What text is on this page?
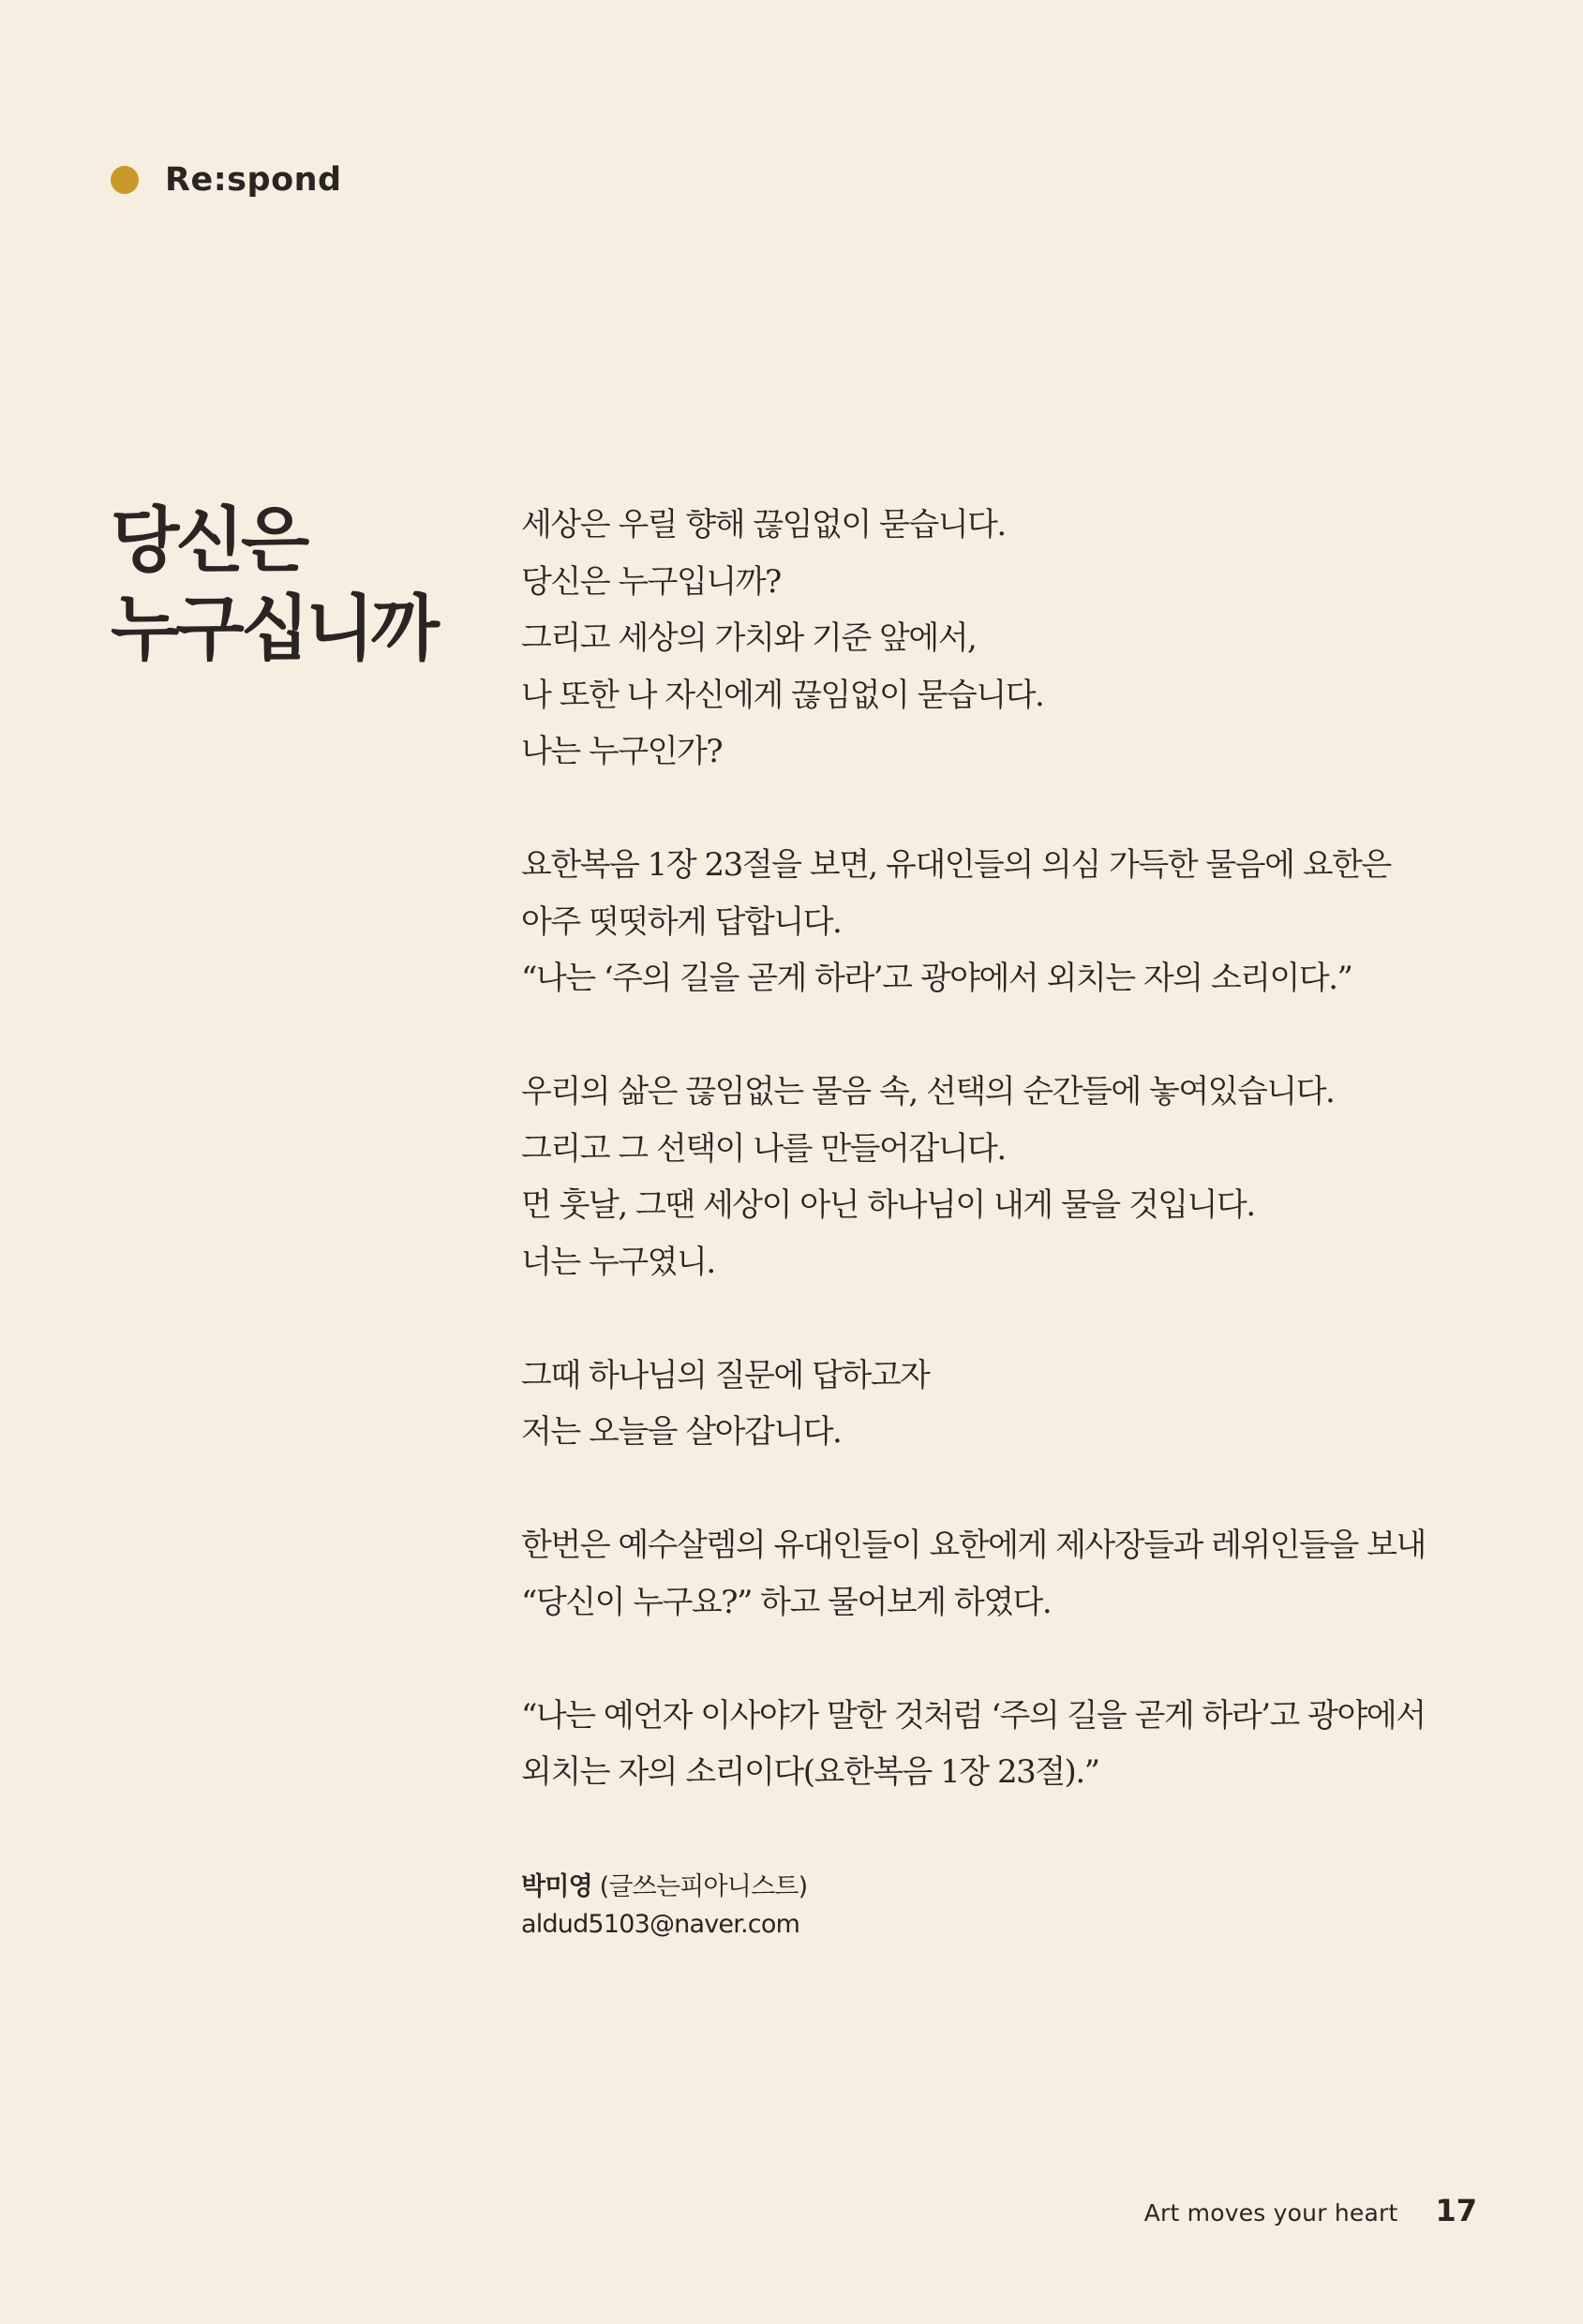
Re:spond
당신은
누구십니까

세상은 우릴 향해 끊임없이 묻습니다.
당신은 누구입니까?
그리고 세상의 가치와 기준 앞에서,
나 또한 나 자신에게 끊임없이 묻습니다.
나는 누구인가?

요한복음 1장 23절을 보면, 유대인들의 의심 가득한 물음에 요한은
아주 떳떳하게 답합니다.
“나는 ‘주의 길을 곧게 하라’고 광야에서 외치는 자의 소리이다.”

우리의 삶은 끊임없는 물음 속, 선택의 순간들에 놓여있습니다.
그리고 그 선택이 나를 만들어갑니다.
먼 훗날, 그땐 세상이 아닌 하나님이 내게 물을 것입니다.
너는 누구였니.

그때 하나님의 질문에 답하고자
저는 오늘을 살아갑니다.

한번은 예수살렘의 유대인들이 요한에게 제사장들과 레위인들을 보내
“당신이 누구요?” 하고 물어보게 하였다.

“나는 예언자 이사야가 말한 것처럼 ‘주의 길을 곧게 하라’고 광야에서
외치는 자의 소리이다(요한복음 1장 23절).”

박미영 (글쓰는피아니스트)
aldud5103@naver.com
Art moves your heart 17
